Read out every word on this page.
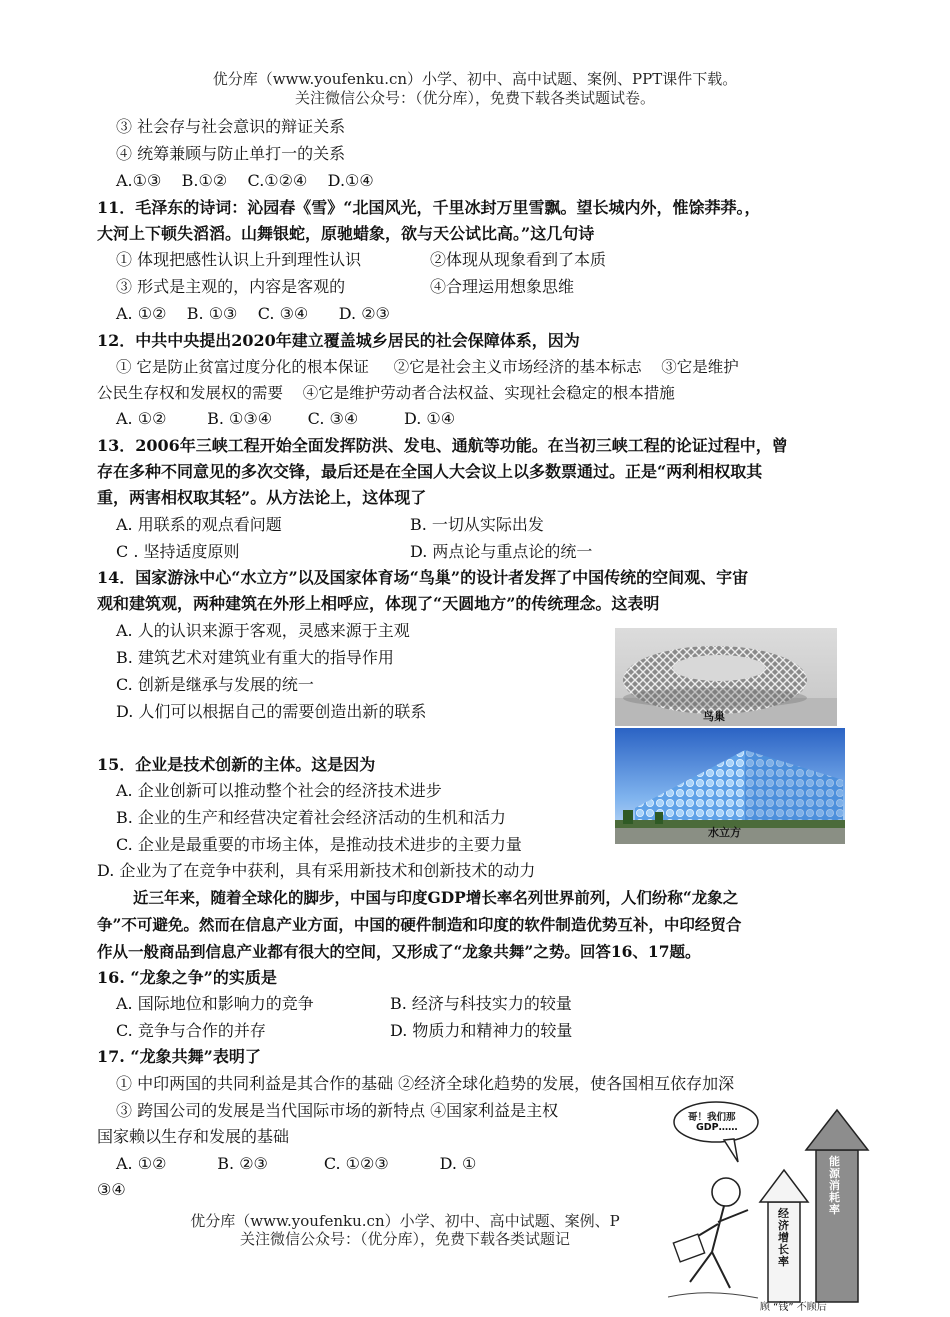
优分库（www.youfenku.cn）小学、初中、高中试题、案例、PPT课件下载。
关注微信公众号：（优分库），免费下载各类试题试卷。
③ 社会存与社会意识的辩证关系
④ 统筹兼顾与防止单打一的关系
A.①③    B.①②    C.①②④    D.①④
11．毛泽东的诗词：沁园春《雪》“北国风光，千里冰封万里雪飘。望长城内外，惟馀莽莽。，
大河上下顿失滔滔。山舞银蛇，原驰蜡象，欲与天公试比高。”这几句诗
① 体现把感性认识上升到理性认识	②体现从现象看到了本质
③ 形式是主观的，内容是客观的	④合理运用想象思维
A. ①②    B. ①③    C. ③④      D. ②③
12．中共中央提出2020年建立覆盖城乡居民的社会保障体系，因为
① 它是防止贫富过度分化的根本保证     ②它是社会主义市场经济的基本标志    ③它是维护
公民生存权和发展权的需要    ④它是维护劳动者合法权益、实现社会稳定的根本措施
A. ①②        B. ①③④       C. ③④         D. ①④
13．2006年三峡工程开始全面发挥防洪、发电、通航等功能。在当初三峡工程的论证过程中，曾
存在多种不同意见的多次交锋，最后还是在全国人大会议上以多数票通过。正是“两利相权取其
重，两害相权取其轻”。从方法论上，这体现了
A. 用联系的观点看问题	B. 一切从实际出发
C . 坚持适度原则	D. 两点论与重点论的统一
14．国家游泳中心“水立方”以及国家体育场“鸟巢”的设计者发挥了中国传统的空间观、宇宙
观和建筑观，两种建筑在外形上相呼应，体现了“天圆地方”的传统理念。这表明
A. 人的认识来源于客观，灵感来源于主观
B. 建筑艺术对建筑业有重大的指导作用
C. 创新是继承与发展的统一
D. 人们可以根据自己的需要创造出新的联系	鸟巢
水立方
15．企业是技术创新的主体。这是因为
A. 企业创新可以推动整个社会的经济技术进步
B. 企业的生产和经营决定着社会经济活动的生机和活力
C. 企业是最重要的市场主体，是推动技术进步的主要力量
D. 企业为了在竞争中获利，具有采用新技术和创新技术的动力
近三年来，随着全球化的脚步，中国与印度GDP增长率名列世界前列，人们纷称“龙象之
争”不可避免。然而在信息产业方面，中国的硬件制造和印度的软件制造优势互补，中印经贸合
作从一般商品到信息产业都有很大的空间，又形成了“龙象共舞”之势。回答16、17题。
16. “龙象之争”的实质是
A. 国际地位和影响力的竞争	B. 经济与科技实力的较量
C. 竞争与合作的并存	D. 物质力和精神力的较量
17. “龙象共舞”表明了
① 中印两国的共同利益是其合作的基础 ②经济全球化趋势的发展，使各国相互依存加深
③ 跨国公司的发展是当代国际市场的新特点 ④国家利益是主权
国家赖以生存和发展的基础
A. ①②          B. ②③           C. ①②③          D. ①
③④
优分库（www.youfenku.cn）小学、初中、高中试题、案例、P
关注微信公众号：（优分库），免费下载各类试题记
哥！我们那
GDP……
经济增长率
能源消耗率
顾 “钱” 不顾后
